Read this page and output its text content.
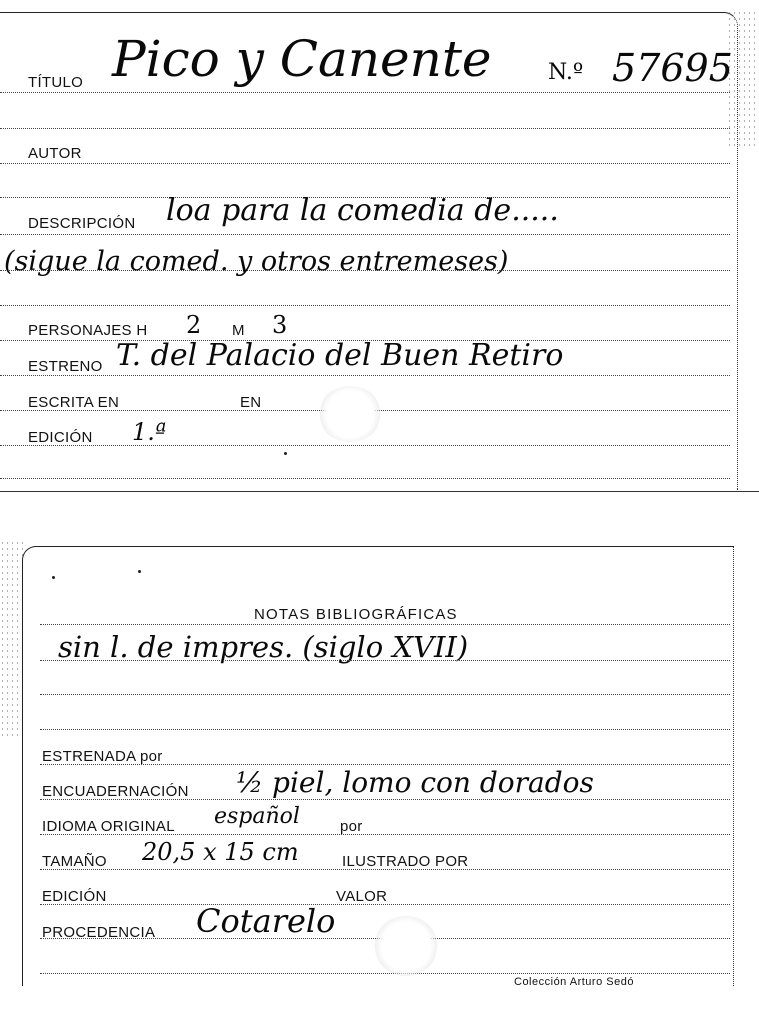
TÍTULO Pico y Canente	N.º 57695
AUTOR
DESCRIPCIÓN loa para la comedia de.....
(sigue la comed. y otros entremeses)
PERSONAJES H 2 M 3
ESTRENO T. del Palacio del Buen Retiro
ESCRITA EN	EN
EDICIÓN 1.ª
NOTAS BIBLIOGRÁFICAS
sin l. de impres. (siglo XVII)
ESTRENADA por
ENCUADERNACIÓN ½ piel, lomo con dorados
IDIOMA ORIGINAL español	por
TAMAÑO 20,5 x 15 cm	ILUSTRADO POR
EDICIÓN	VALOR
PROCEDENCIA Cotarelo
Colección Arturo Sedó
